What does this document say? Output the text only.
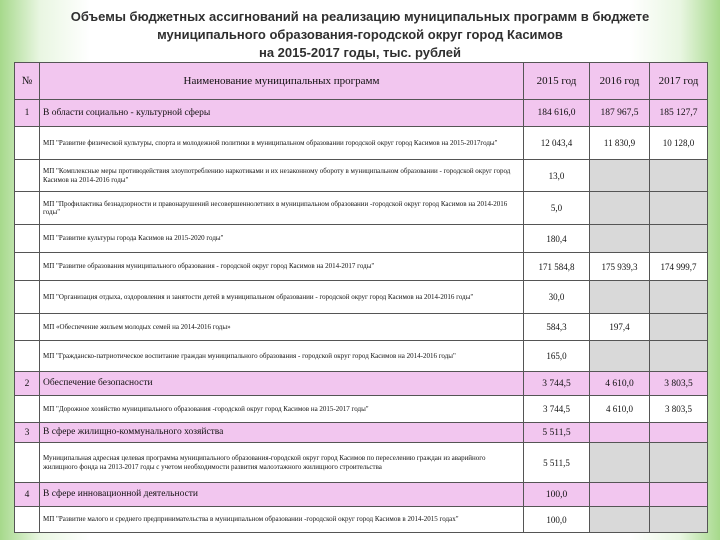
Объемы бюджетных ассигнований на реализацию муниципальных программ в бюджете
муниципального образования-городской округ город Касимов
на 2015-2017 годы, тыс. рублей
№	Наименование муниципальных программ	2015 год	2016 год	2017 год
1	В области социально - культурной сферы	184 616,0	187 967,5	185 127,7
	МП "Развитие физической культуры, спорта и молодежной политики в муниципальном образовании городской округ город Касимов на 2015-2017годы"	12 043,4	11 830,9	10 128,0
	МП "Комплексные меры противодействия злоупотреблению наркотиками и их незаконному обороту в муниципальном образовании - городской округ город Касимов на 2014-2016 годы"	13,0		
	МП "Профилактика безнадзорности и правонарушений несовершеннолетних в муниципальном образовании -городской округ город Касимов на 2014-2016 годы"	5,0		
	МП "Развитие культуры города Касимов на 2015-2020 годы"	180,4		
	МП "Развитие образования муниципального образования - городской округ город Касимов на 2014-2017 годы"	171 584,8	175 939,3	174 999,7
	МП "Организация отдыха, оздоровления и занятости детей в муниципальном образовании - городской округ город Касимов на 2014-2016 годы"	30,0		
	МП «Обеспечение жильем молодых семей на 2014-2016 годы»	584,3	197,4	
	МП "Гражданско-патриотическое воспитание граждан муниципального образования - городской округ город Касимов на 2014-2016 годы"	165,0		
2	Обеспечение безопасности	3 744,5	4 610,0	3 803,5
	МП "Дорожное хозяйство муниципального образования -городской округ город Касимов на 2015-2017 годы"	3 744,5	4 610,0	3 803,5
3	В сфере жилищно-коммунального хозяйства	5 511,5		
	Муниципальная адресная целевая программа муниципального образования-городской округ город Касимов по переселению граждан из аварийного жилищного фонда на 2013-2017 годы с учетом необходимости развития малоэтажного жилищного строительства	5 511,5		
4	В сфере инновационной деятельности	100,0		
	МП "Развитие малого и среднего предпринимательства в муниципальном образовании -городской округ город Касимов в 2014-2015 годах"	100,0		
